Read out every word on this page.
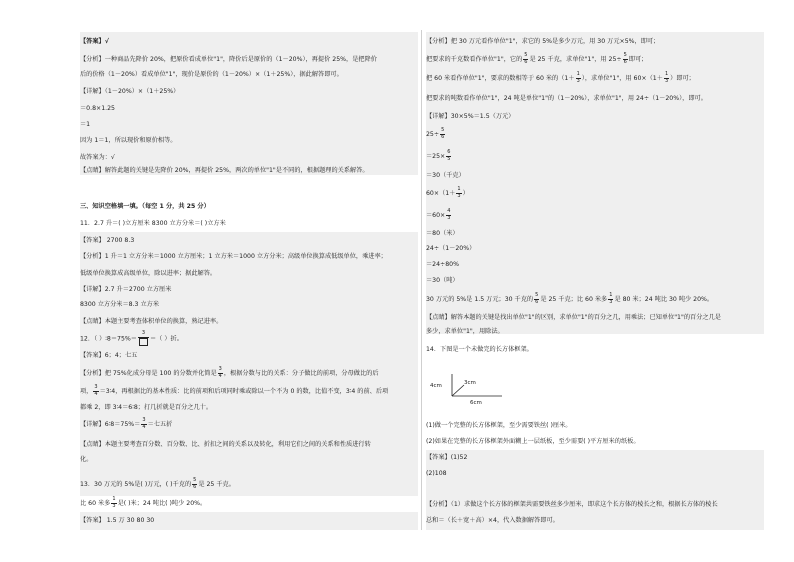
【答案】√
【分析】一种商品先降价 20%，把原价看成单位"1"，降价后是原价的（1－20%），再提价 25%，是把降价
后的价格（1－20%）看成单位"1"，现价是原价的（1－20%）×（1＋25%），据此解答即可。
【详解】（1－20%）×（1＋25%）
＝0.8×1.25
＝1
因为 1＝1，所以现价和原价相等。
故答案为：√
【点睛】解答此题的关键是先降价 20%，再提价 25%，两次的单位"1"是不同的，根据题理的关系解答。
三、知识空格填一填。（每空 1 分，共 25 分）
11．2.7 升＝( )立方厘米 8300 立方分米＝( )立方米
【答案】 2700 8.3
【分析】1 升＝1 立方分米＝1000 立方厘米；1 立方米＝1000 立方分米；高级单位换算成低级单位，乘进率；
低级单位换算成高级单位，除以进率；据此解答。
【详解】2.7 升＝2700 立方厘米
8300 立方分米＝8.3 立方米
【点睛】本题主要考查体积单位的换算，熟记进率。
12．（ ）∶8＝75%＝
3
＝（ ）折。
【答案】6；4；七五
【分析】把 75%化成分母是 100 的分数并化简是 $\frac{3}{4}$ ，根据分数与比的关系：分子做比的前项，分母做比的后
项， $\frac{3}{4}$ ＝3∶4，再根据比的基本性质：比的前项和后项同时乘或除以一个不为 0 的数，比值不变，3∶4 的前、后项
都乘 2，即 3∶4＝6∶8；打几折就是百分之几十。
【详解】6∶8＝75%＝ $\frac{3}{4}$ ＝七五折
【点睛】本题主要考查百分数、百分数、比、折扣之间的关系以及转化，利用它们之间的关系和性质进行转
化。
13．30 万元的 5%是( )万元，( )千克的 $\frac{5}{6}$ 是 25 千克。
比 60 米多 $\frac{1}{3}$ 是( )米；24 吨比( )吨少 20%。
【答案】 1.5 万 30 80 30
【分析】把 30 万元看作单位"1"，求它的 5%是多少万元，用 30 万元×5%，即可；
把要求的千克数看作单位"1"，它的 $\frac{5}{6}$ 是 25 千克，求单位"1"，用 $25\div \frac{5}{6}$ 即可；
把 60 米看作单位"1"，要求的数相等于 60 米的（$1+ \frac{1}{3}$ ），求单位"1"，用 $60\times(1+ \frac{1}{3}$ ）即可；
把要求的吨数看作单位"1"，24 吨是单位"1"的（1－20%），求单位"1"，用 24÷（1－20%），即可。
【详解】30×5%＝1.5（万元）
$25\div \frac{5}{6}$
$=25\times \frac{6}{5}$
＝30（千克）
$60\times(1+ \frac{1}{3}$ ）
$=60\times \frac{4}{3}$
＝80（米）
24÷（1－20%）
＝24÷80%
＝30（吨）
30 万元的 5%是 1.5 万元；30 千克的 $\frac{5}{6}$ 是 25 千克；比 60 米多 $\frac{1}{3}$ 是 80 米；24 吨比 30 吨少 20%。
【点睛】解答本题的关键是找出单位"1"的区别，求单位"1"的百分之几，用乘法；已知单位"1"的百分之几是
多少，求单位"1"，用除法。
14．下图是一个未做完的长方体框架。
4cm	3cm
6cm
(1)做一个完整的长方体框架，至少需要铁丝( )厘米。
(2)如果在完整的长方体框架外面糊上一层纸板，至少需要( )平方厘米的纸板。
【答案】(1)52
(2)108
【分析】（1）求做这个长方体的框架共需要铁丝多少厘米，即求这个长方体的棱长之和，根据长方体的棱长
总和＝（长＋宽＋高）×4，代入数据解答即可。
